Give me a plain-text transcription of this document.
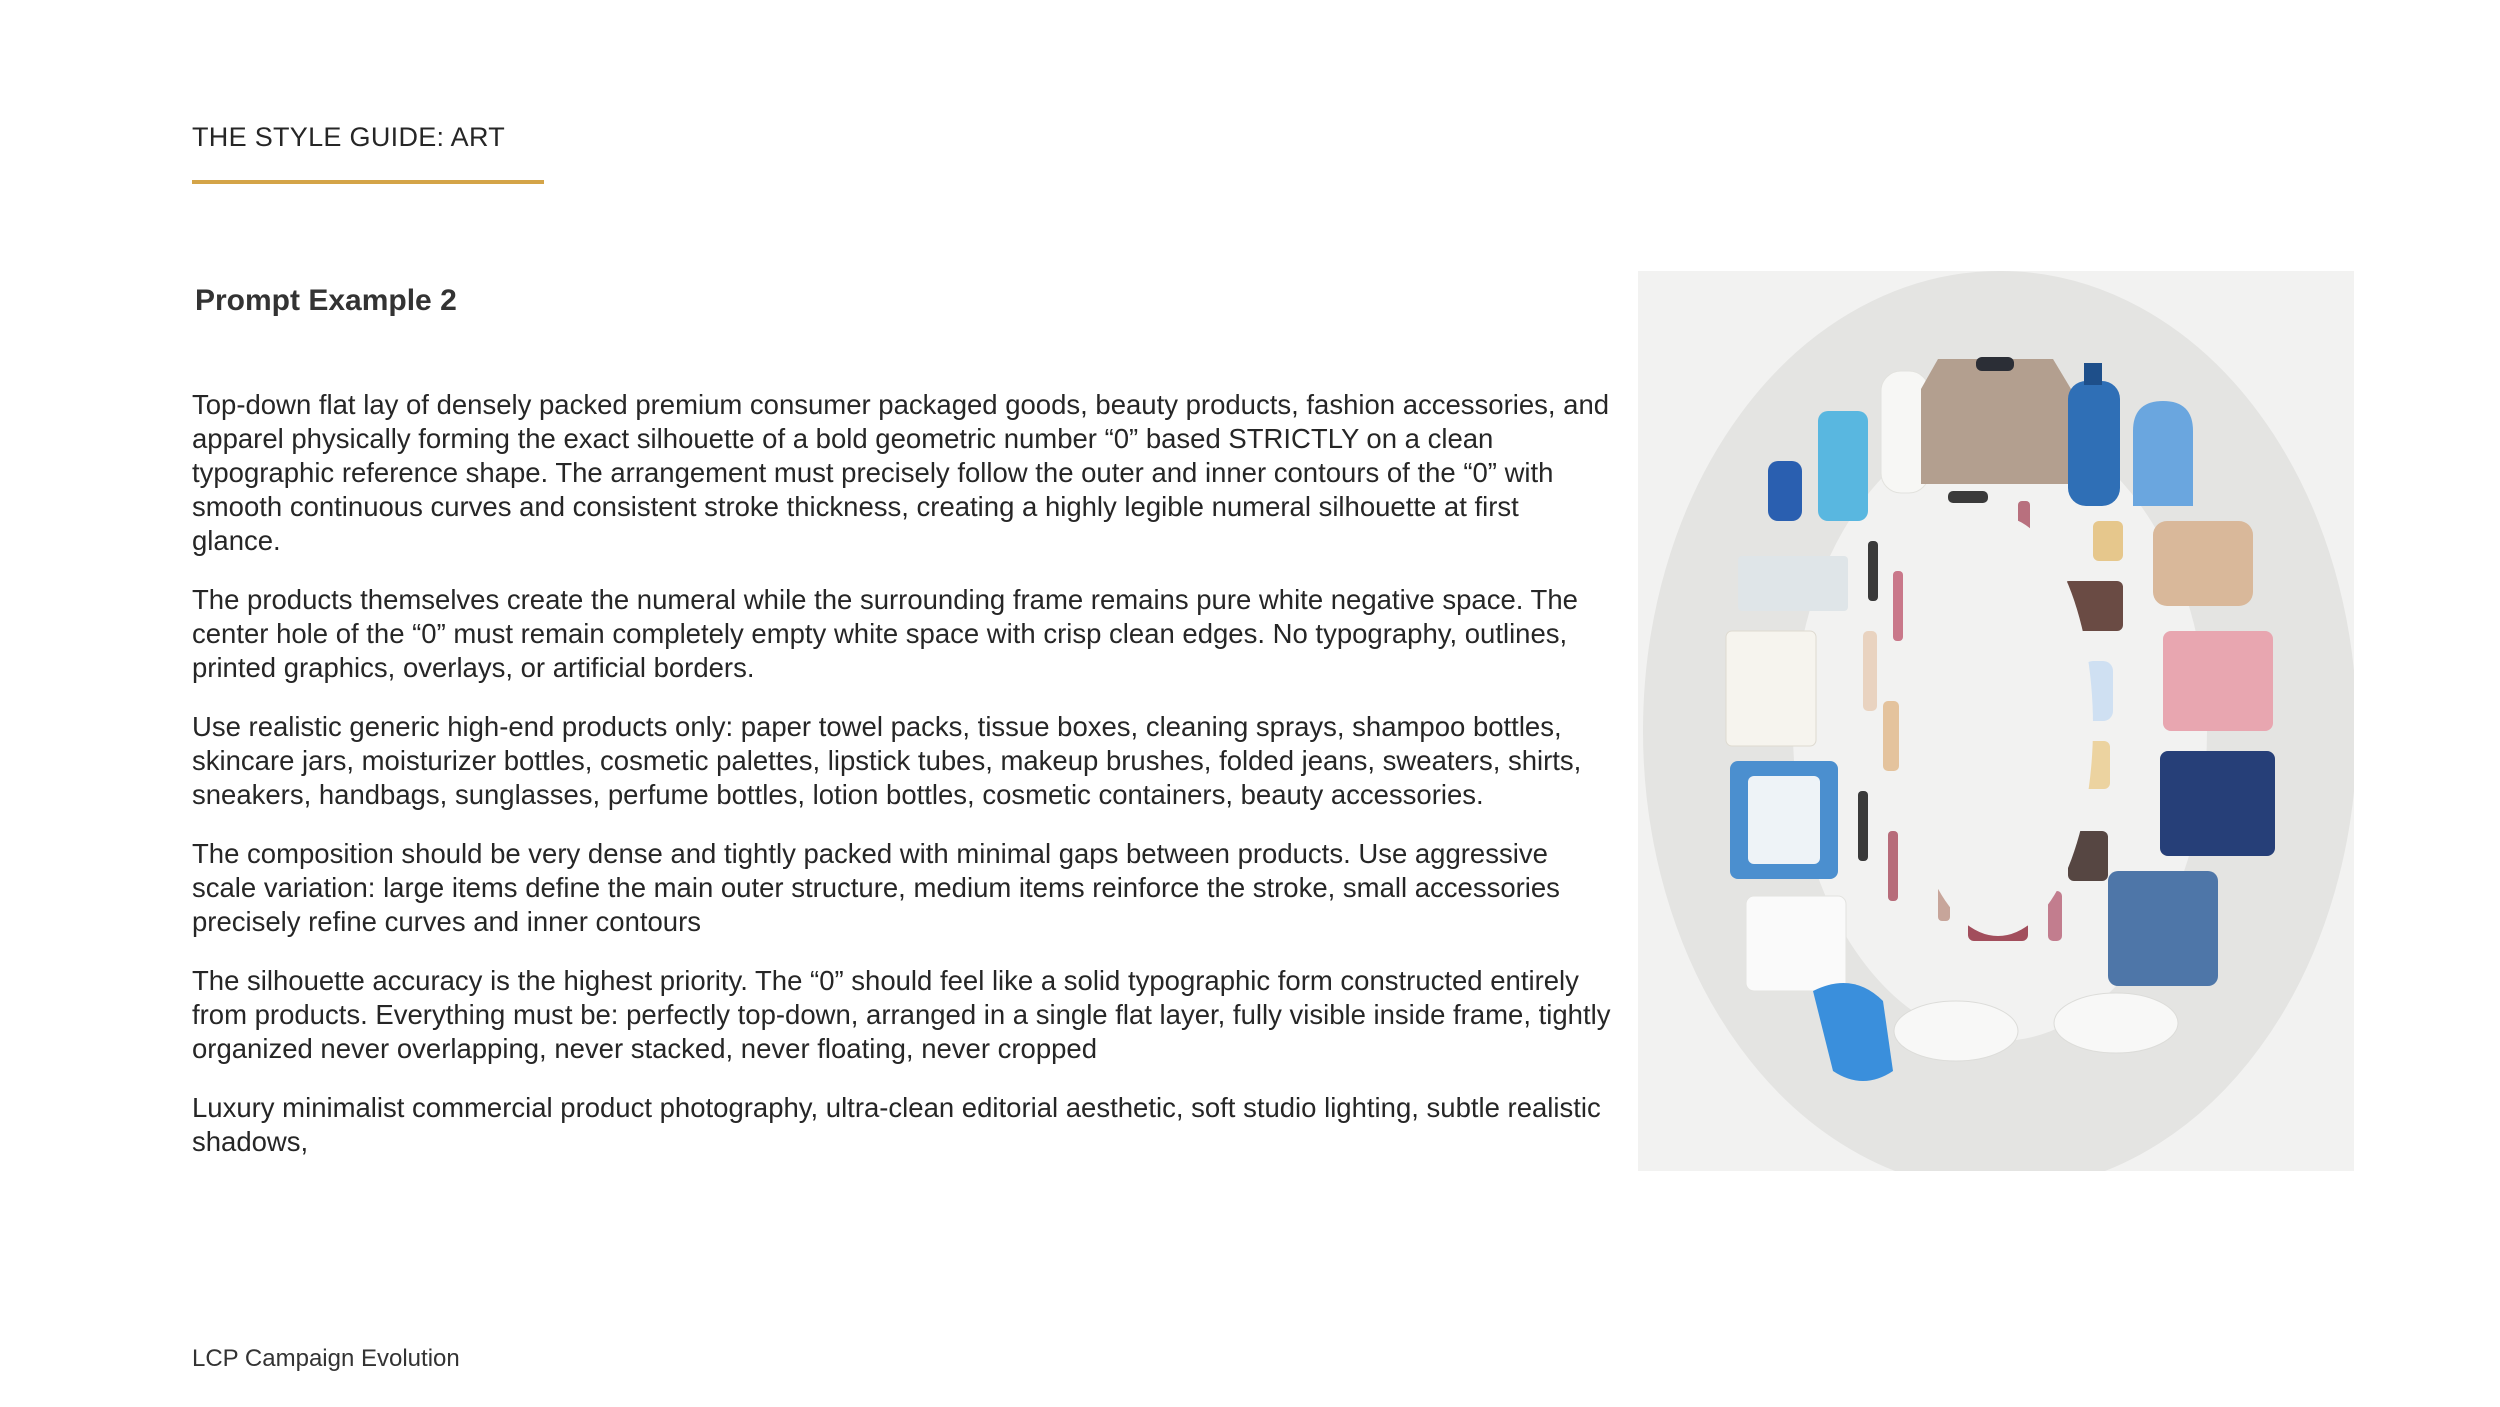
THE STYLE GUIDE: ART
Prompt Example 2

Top-down flat lay of densely packed premium consumer packaged goods, beauty products, fashion accessories, and apparel physically forming the exact silhouette of a bold geometric number “0” based STRICTLY on a clean typographic reference shape. The arrangement must precisely follow the outer and inner contours of the “0” with smooth continuous curves and consistent stroke thickness, creating a highly legible numeral silhouette at first glance.

The products themselves create the numeral while the surrounding frame remains pure white negative space. The center hole of the “0” must remain completely empty white space with crisp clean edges. No typography, outlines, printed graphics, overlays, or artificial borders.

Use realistic generic high-end products only: paper towel packs, tissue boxes, cleaning sprays, shampoo bottles, skincare jars, moisturizer bottles, cosmetic palettes, lipstick tubes, makeup brushes, folded jeans, sweaters, shirts, sneakers, handbags, sunglasses, perfume bottles, lotion bottles, cosmetic containers, beauty accessories.

The composition should be very dense and tightly packed with minimal gaps between products. Use aggressive scale variation: large items define the main outer structure, medium items reinforce the stroke, small accessories precisely refine curves and inner contours

The silhouette accuracy is the highest priority. The “0” should feel like a solid typographic form constructed entirely from products. Everything must be: perfectly top-down, arranged in a single flat layer, fully visible inside frame, tightly organized never overlapping, never stacked, never floating, never cropped

Luxury minimalist commercial product photography, ultra-clean editorial aesthetic, soft studio lighting, subtle realistic shadows,

LCP Campaign Evolution
